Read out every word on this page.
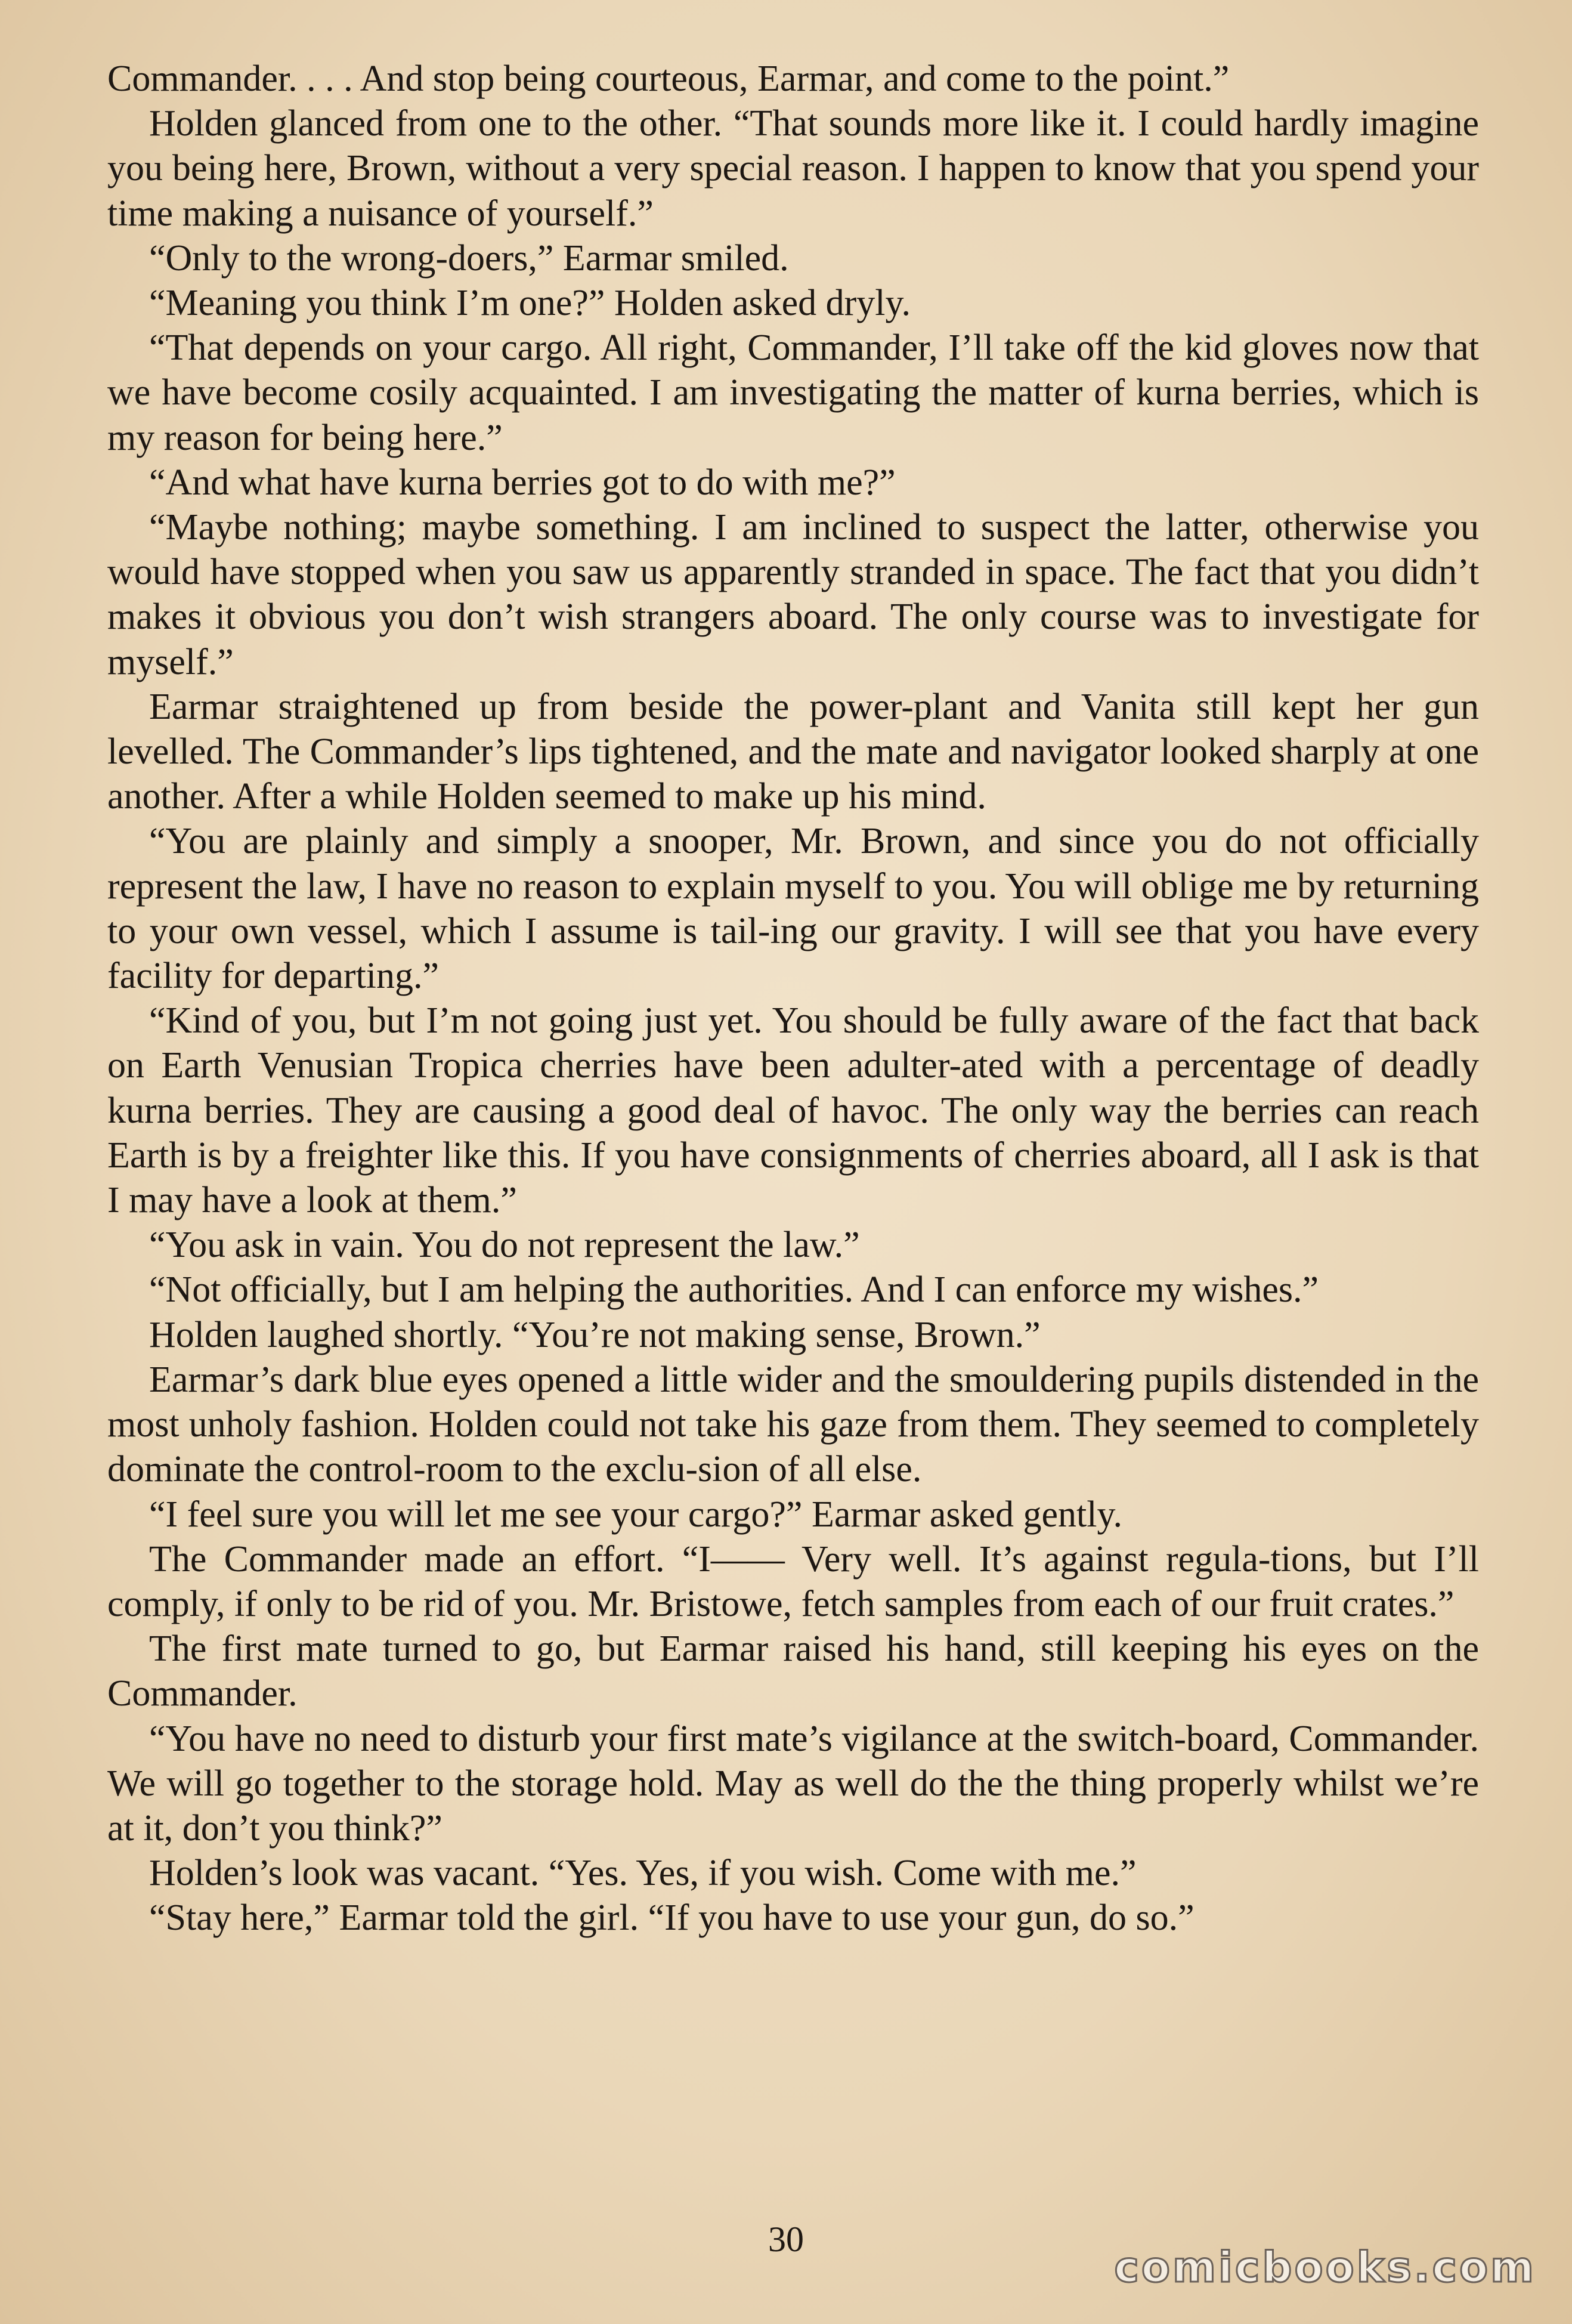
Commander. . . . And stop being courteous, Earmar, and come to the point.”

Holden glanced from one to the other. “That sounds more like it. I could hardly imagine you being here, Brown, without a very special reason. I happen to know that you spend your time making a nuisance of yourself.”

“Only to the wrong-doers,” Earmar smiled.

“Meaning you think I’m one?” Holden asked dryly.

“That depends on your cargo. All right, Commander, I’ll take off the kid gloves now that we have become cosily acquainted. I am investigating the matter of kurna berries, which is my reason for being here.”

“And what have kurna berries got to do with me?”

“Maybe nothing; maybe something. I am inclined to suspect the latter, otherwise you would have stopped when you saw us apparently stranded in space. The fact that you didn’t makes it obvious you don’t wish strangers aboard. The only course was to investigate for myself.”

Earmar straightened up from beside the power-plant and Vanita still kept her gun levelled. The Commander’s lips tightened, and the mate and navigator looked sharply at one another. After a while Holden seemed to make up his mind.

“You are plainly and simply a snooper, Mr. Brown, and since you do not officially represent the law, I have no reason to explain myself to you. You will oblige me by returning to your own vessel, which I assume is tail-ing our gravity. I will see that you have every facility for departing.”

“Kind of you, but I’m not going just yet. You should be fully aware of the fact that back on Earth Venusian Tropica cherries have been adulter-ated with a percentage of deadly kurna berries. They are causing a good deal of havoc. The only way the berries can reach Earth is by a freighter like this. If you have consignments of cherries aboard, all I ask is that I may have a look at them.”

“You ask in vain. You do not represent the law.”

“Not officially, but I am helping the authorities. And I can enforce my wishes.”

Holden laughed shortly. “You’re not making sense, Brown.”

Earmar’s dark blue eyes opened a little wider and the smouldering pupils distended in the most unholy fashion. Holden could not take his gaze from them. They seemed to completely dominate the control-room to the exclu-sion of all else.

“I feel sure you will let me see your cargo?” Earmar asked gently.

The Commander made an effort. “I—— Very well. It’s against regula-tions, but I’ll comply, if only to be rid of you. Mr. Bristowe, fetch samples from each of our fruit crates.”

The first mate turned to go, but Earmar raised his hand, still keeping his eyes on the Commander.

“You have no need to disturb your first mate’s vigilance at the switch-board, Commander. We will go together to the storage hold. May as well do the the thing properly whilst we’re at it, don’t you think?”

Holden’s look was vacant. “Yes. Yes, if you wish. Come with me.”

“Stay here,” Earmar told the girl. “If you have to use your gun, do so.”

30
comicbooks.com
